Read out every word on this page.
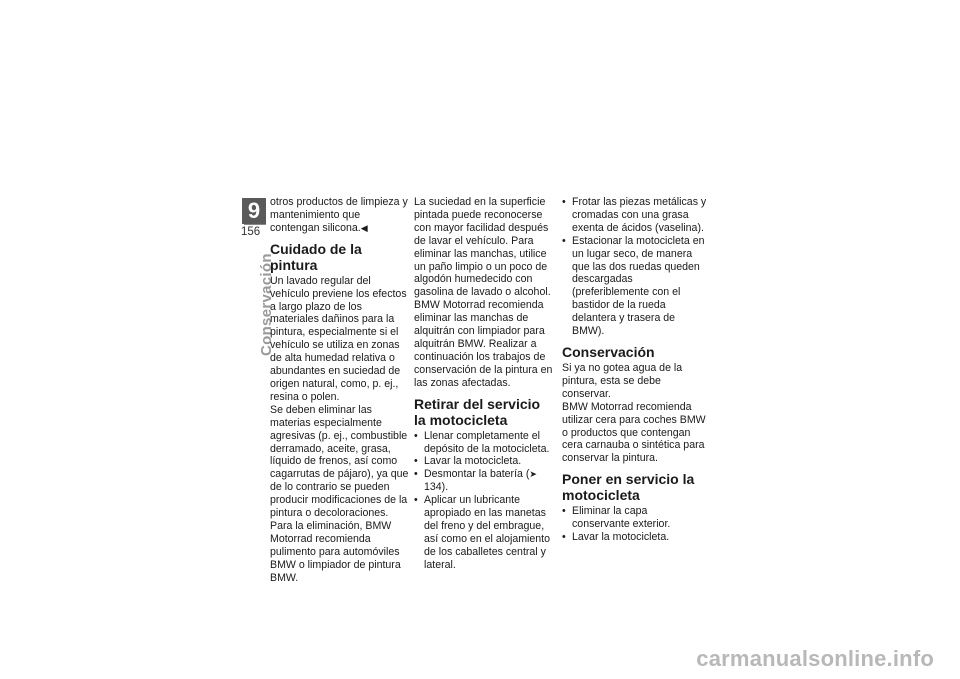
9
156
Conservación

otros productos de limpieza y mantenimiento que contengan silicona.◀

Cuidado de la pintura

Un lavado regular del vehículo previene los efectos a largo plazo de los materiales dañinos para la pintura, especialmente si el vehículo se utiliza en zonas de alta humedad relativa o abundantes en suciedad de origen natural, como, p. ej., resina o polen.

Se deben eliminar las materias especialmente agresivas (p. ej., combustible derramado, aceite, grasa, líquido de frenos, así como cagarrutas de pájaro), ya que de lo contrario se pueden producir modificaciones de la pintura o decoloraciones. Para la eliminación, BMW Motorrad recomienda pulimento para automóviles BMW o limpiador de pintura BMW.

La suciedad en la superficie pintada puede reconocerse con mayor facilidad después de lavar el vehículo. Para eliminar las manchas, utilice un paño limpio o un poco de algodón humedecido con gasolina de lavado o alcohol. BMW Motorrad recomienda eliminar las manchas de alquitrán con limpiador para alquitrán BMW. Realizar a continuación los trabajos de conservación de la pintura en las zonas afectadas.

Retirar del servicio la motocicleta
• Llenar completamente el depósito de la motocicleta.
• Lavar la motocicleta.
• Desmontar la batería (➤ 134).
• Aplicar un lubricante apropiado en las manetas del freno y del embrague, así como en el alojamiento de los caballetes central y lateral.
• Frotar las piezas metálicas y cromadas con una grasa exenta de ácidos (vaselina).
• Estacionar la motocicleta en un lugar seco, de manera que las dos ruedas queden descargadas (preferiblemente con el bastidor de la rueda delantera y trasera de BMW).
Conservación

Si ya no gotea agua de la pintura, esta se debe conservar.

BMW Motorrad recomienda utilizar cera para coches BMW o productos que contengan cera carnauba o sintética para conservar la pintura.

Poner en servicio la motocicleta
• Eliminar la capa conservante exterior.
• Lavar la motocicleta.
carmanualsonline.info
